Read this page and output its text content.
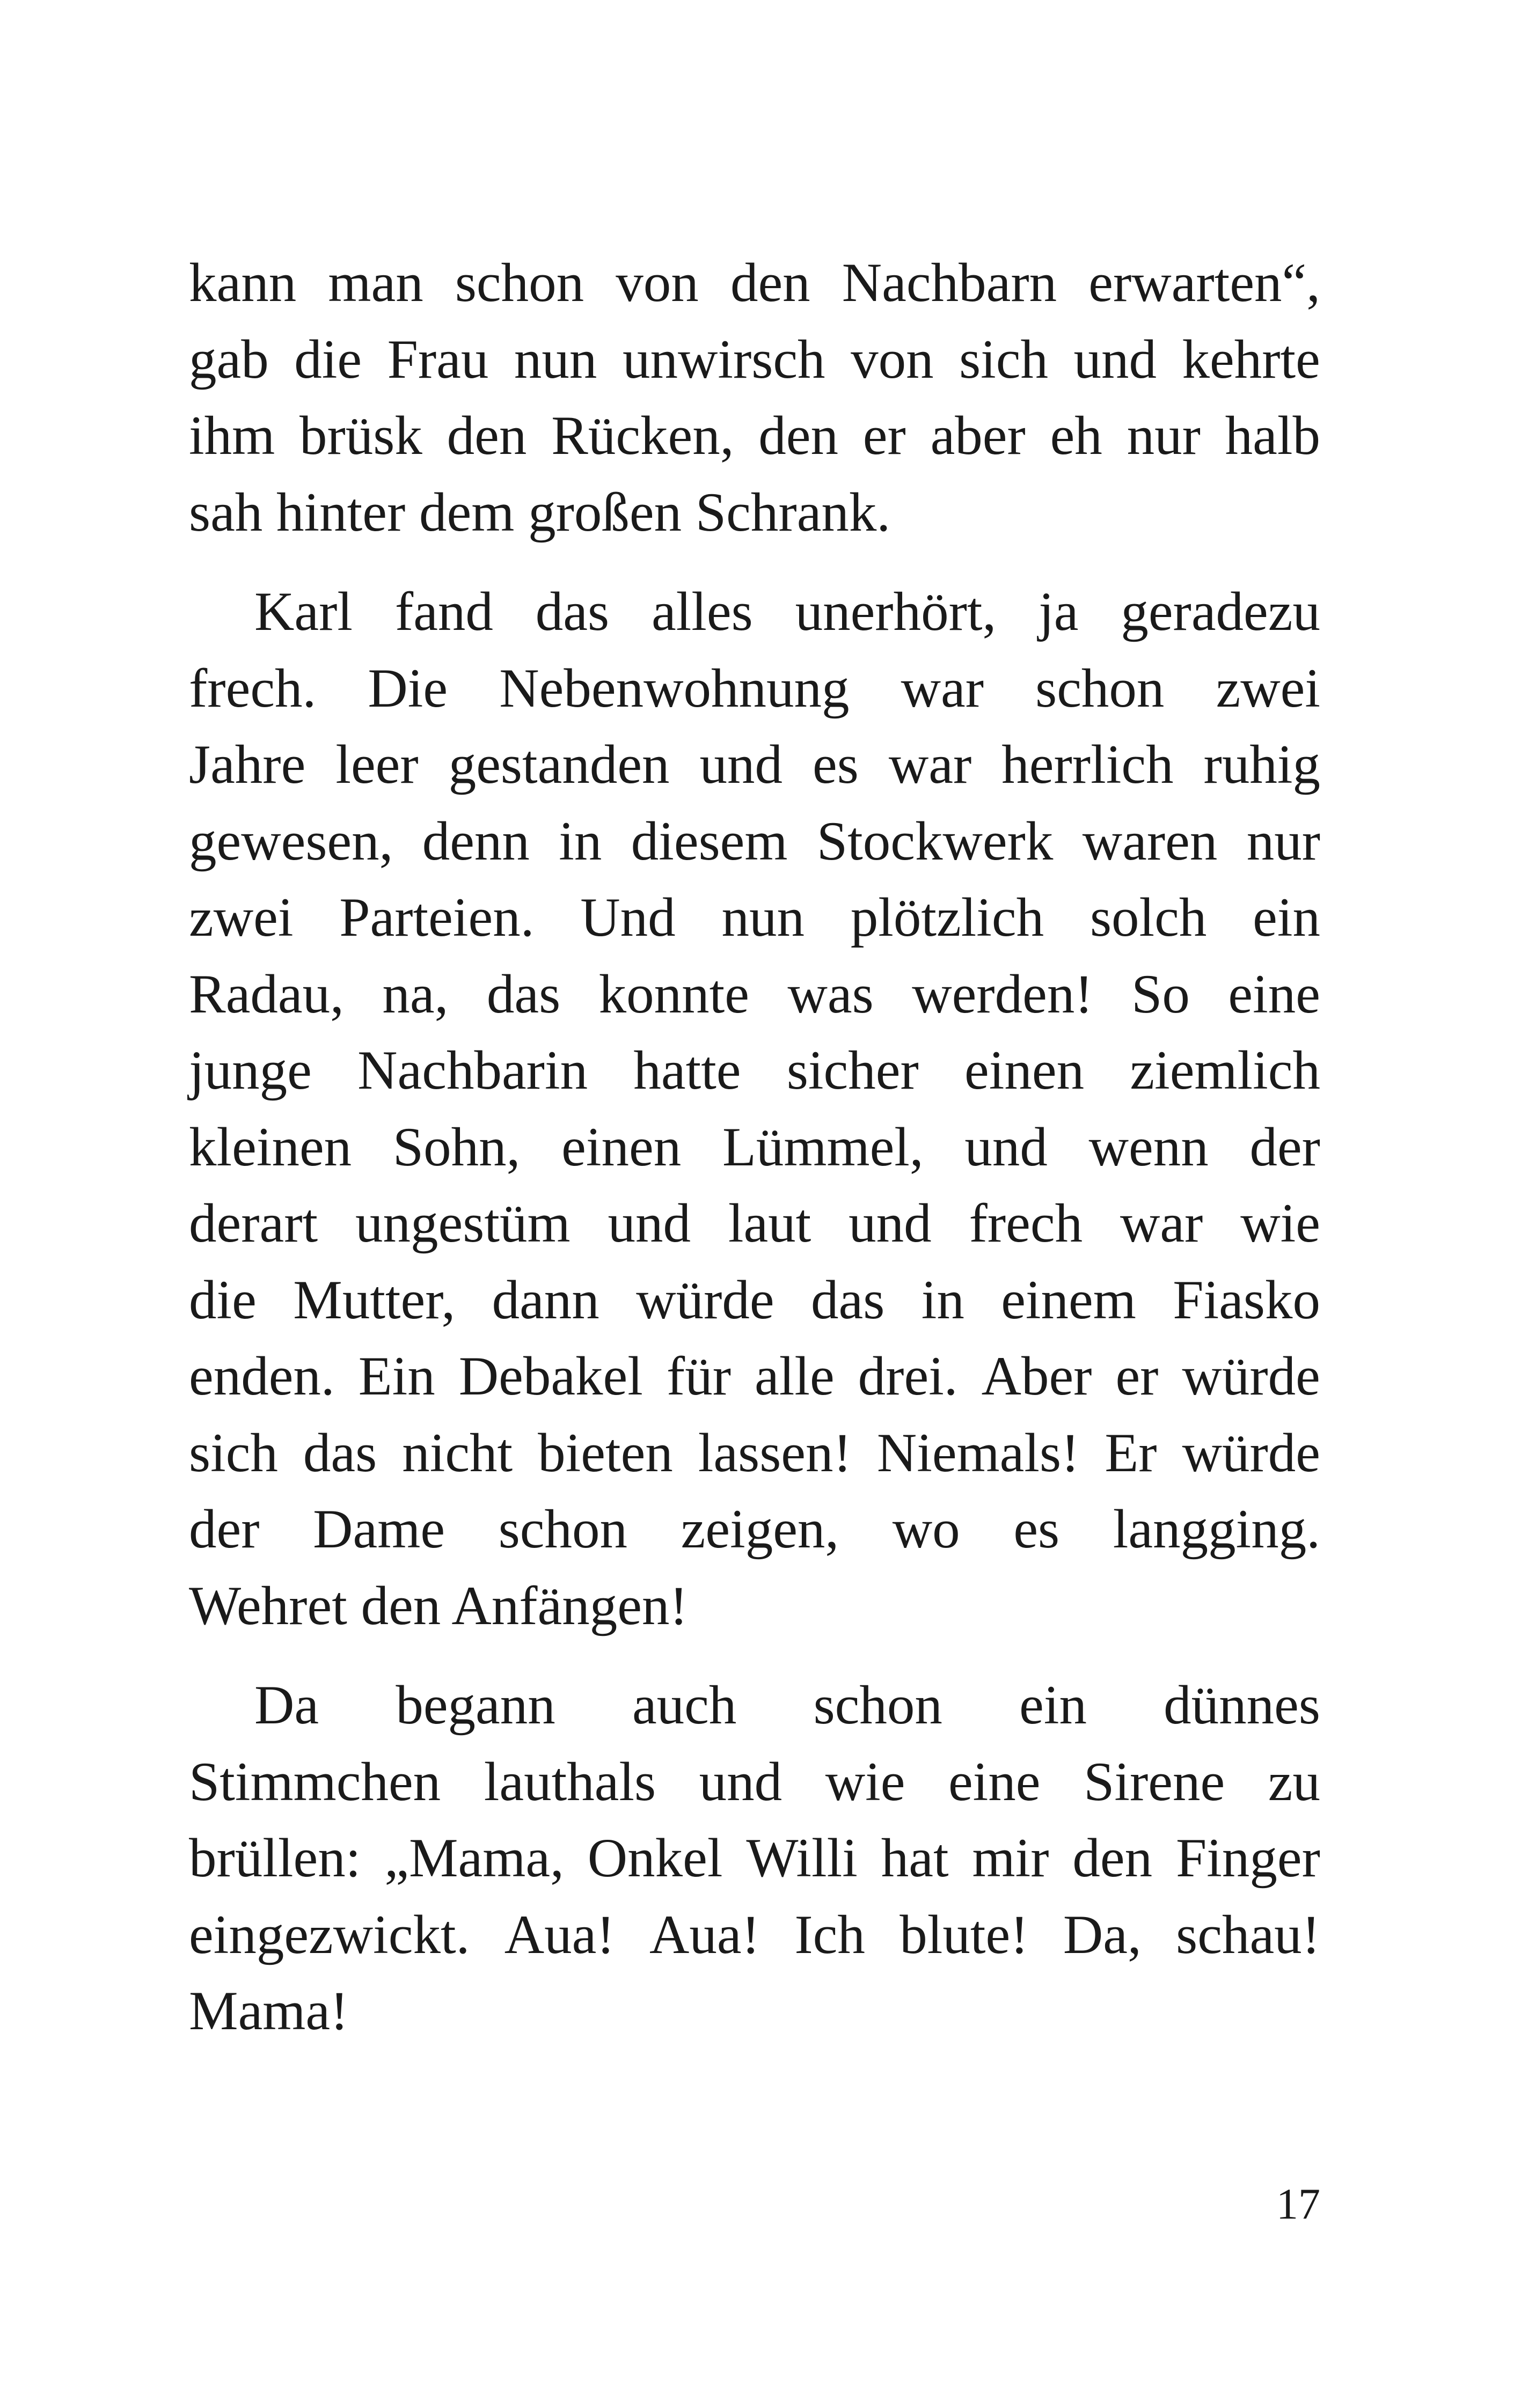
kann man schon von den Nachbarn erwarten“,
gab die Frau nun unwirsch von sich und kehrte
ihm brüsk den Rücken, den er aber eh nur halb
sah hinter dem großen Schrank.
Karl fand das alles unerhört, ja geradezu
frech. Die Nebenwohnung war schon zwei
Jahre leer gestanden und es war herrlich ruhig
gewesen, denn in diesem Stockwerk waren nur
zwei Parteien. Und nun plötzlich solch ein
Radau, na, das konnte was werden! So eine
junge Nachbarin hatte sicher einen ziemlich
kleinen Sohn, einen Lümmel, und wenn der
derart ungestüm und laut und frech war wie
die Mutter, dann würde das in einem Fiasko
enden. Ein Debakel für alle drei. Aber er würde
sich das nicht bieten lassen! Niemals! Er würde
der Dame schon zeigen, wo es langging.
Wehret den Anfängen!
Da begann auch schon ein dünnes
Stimmchen lauthals und wie eine Sirene zu
brüllen: „Mama, Onkel Willi hat mir den Finger
eingezwickt. Aua! Aua! Ich blute! Da, schau!
Mama!
17
